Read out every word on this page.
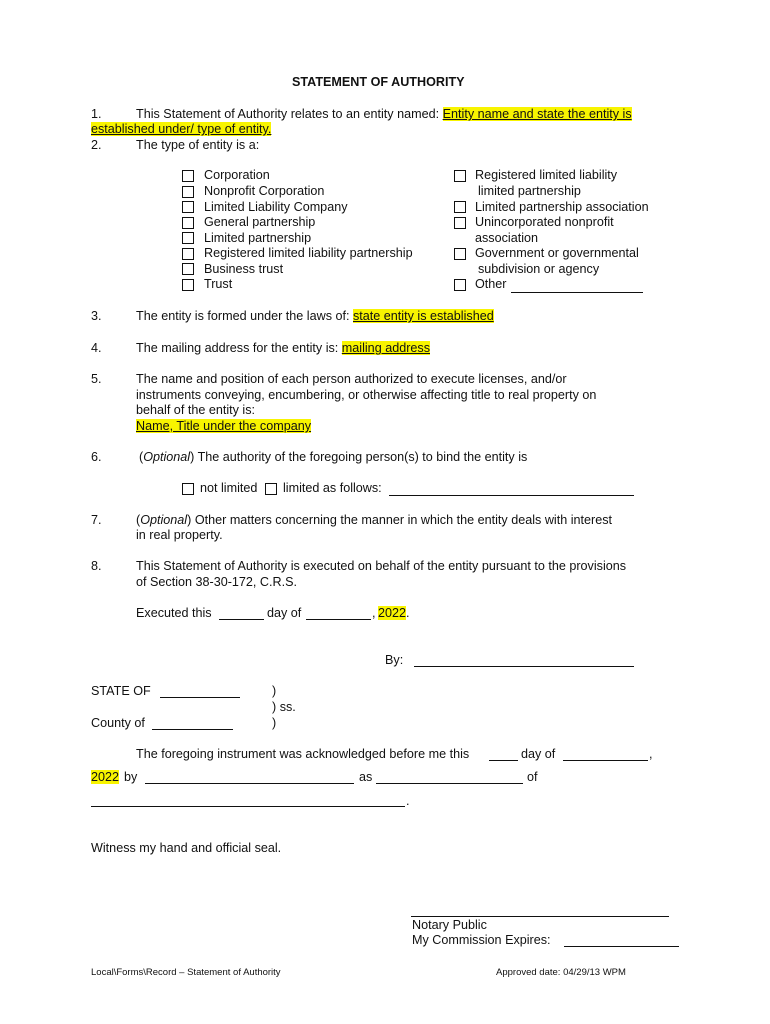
STATEMENT OF AUTHORITY
1.	This Statement of Authority relates to an entity named: Entity name and state the entity is
established under/ type of entity.
2.	The type of entity is a:
Corporation
Nonprofit Corporation
Limited Liability Company
General partnership
Limited partnership
Registered limited liability partnership
Business trust
Trust
Registered limited liability
limited partnership
Limited partnership association
Unincorporated nonprofit
association
Government or governmental
subdivision or agency
Other
3.	The entity is formed under the laws of: state entity is established
4.	The mailing address for the entity is: mailing address
5.	The name and position of each person authorized to execute licenses, and/or
instruments conveying, encumbering, or otherwise affecting title to real property on
behalf of the entity is:
Name, Title under the company
6.	(Optional) The authority of the foregoing person(s) to bind the entity is
not limited limited as follows:
7.	(Optional) Other matters concerning the manner in which the entity deals with interest
in real property.
8.	This Statement of Authority is executed on behalf of the entity pursuant to the provisions
of Section 38-30-172, C.R.S.
Executed this	day of	, 2022.
By:
STATE OF	)
) ss.
County of	)
The foregoing instrument was acknowledged before me this	day of	,
2022 by	as	of
.
Witness my hand and official seal.
Notary Public
My Commission Expires:
Local\Forms\Record – Statement of Authority	Approved date: 04/29/13 WPM
